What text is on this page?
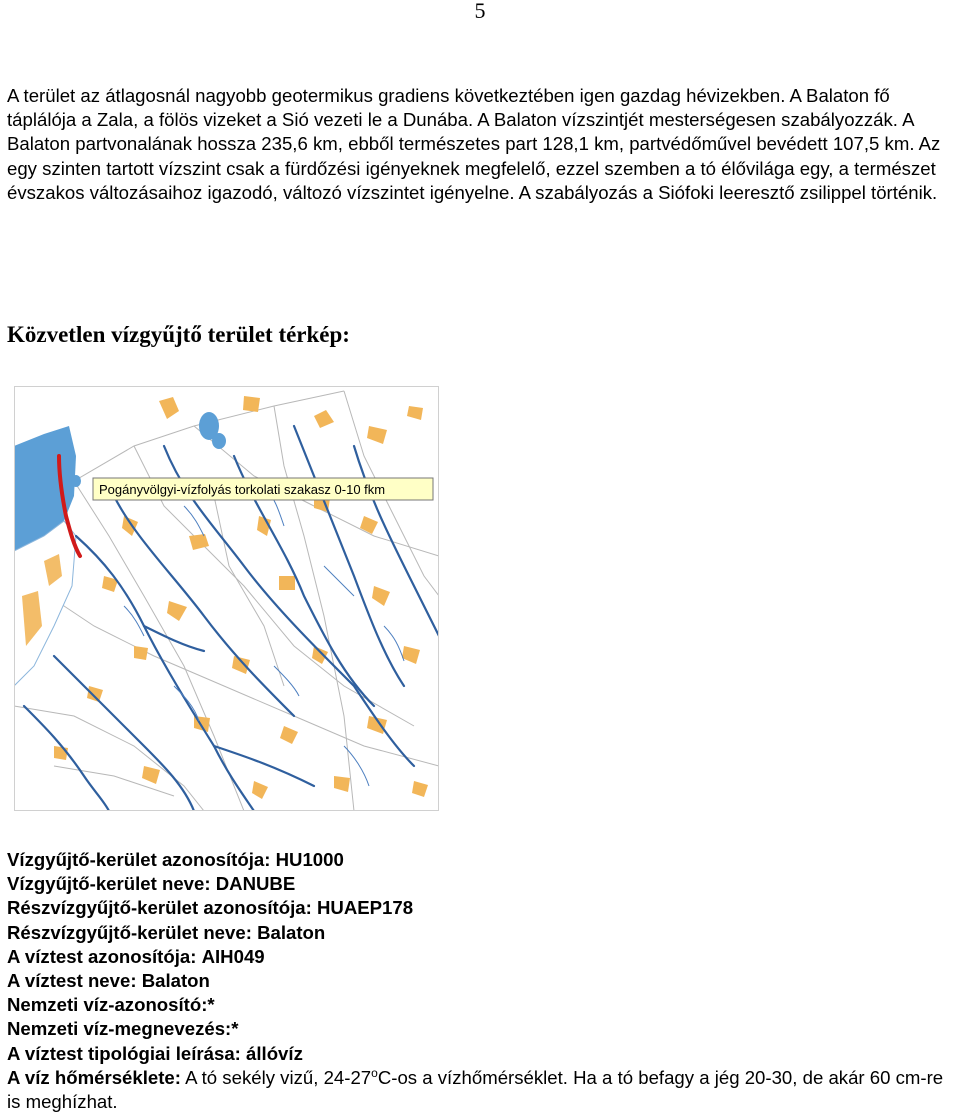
5

A terület az átlagosnál nagyobb geotermikus gradiens következtében igen gazdag hévizekben. A Balaton fő táplálója a Zala, a fölös vizeket a Sió vezeti le a Dunába. A Balaton vízszintjét mesterségesen szabályozzák. A Balaton partvonalának hossza 235,6 km, ebből természetes part 128,1 km, partvédőművel bevédett 107,5 km. Az egy szinten tartott vízszint csak a fürdőzési igényeknek megfelelő, ezzel szemben a tó élővilága egy, a természet évszakos változásaihoz igazodó, változó vízszintet igényelne. A szabályozás a Siófoki leeresztő zsilippel történik.

Közvetlen vízgyűjtő terület térkép:
Pogányvölgyi-vízfolyás torkolati szakasz 0-10 fkm
Vízgyűjtő-kerület azonosítója: HU1000
Vízgyűjtő-kerület neve: DANUBE
Részvízgyűjtő-kerület azonosítója: HUAEP178
Részvízgyűjtő-kerület neve: Balaton
A víztest azonosítója: AIH049
A víztest neve: Balaton
Nemzeti víz-azonosító:*
Nemzeti víz-megnevezés:*
A víztest tipológiai leírása: állóvíz
A víz hőmérséklete: A tó sekély vizű, 24-27$^o$C-os a vízhőmérséklet. Ha a tó befagy a jég 20-30, de akár 60 cm-re is meghízhat.
